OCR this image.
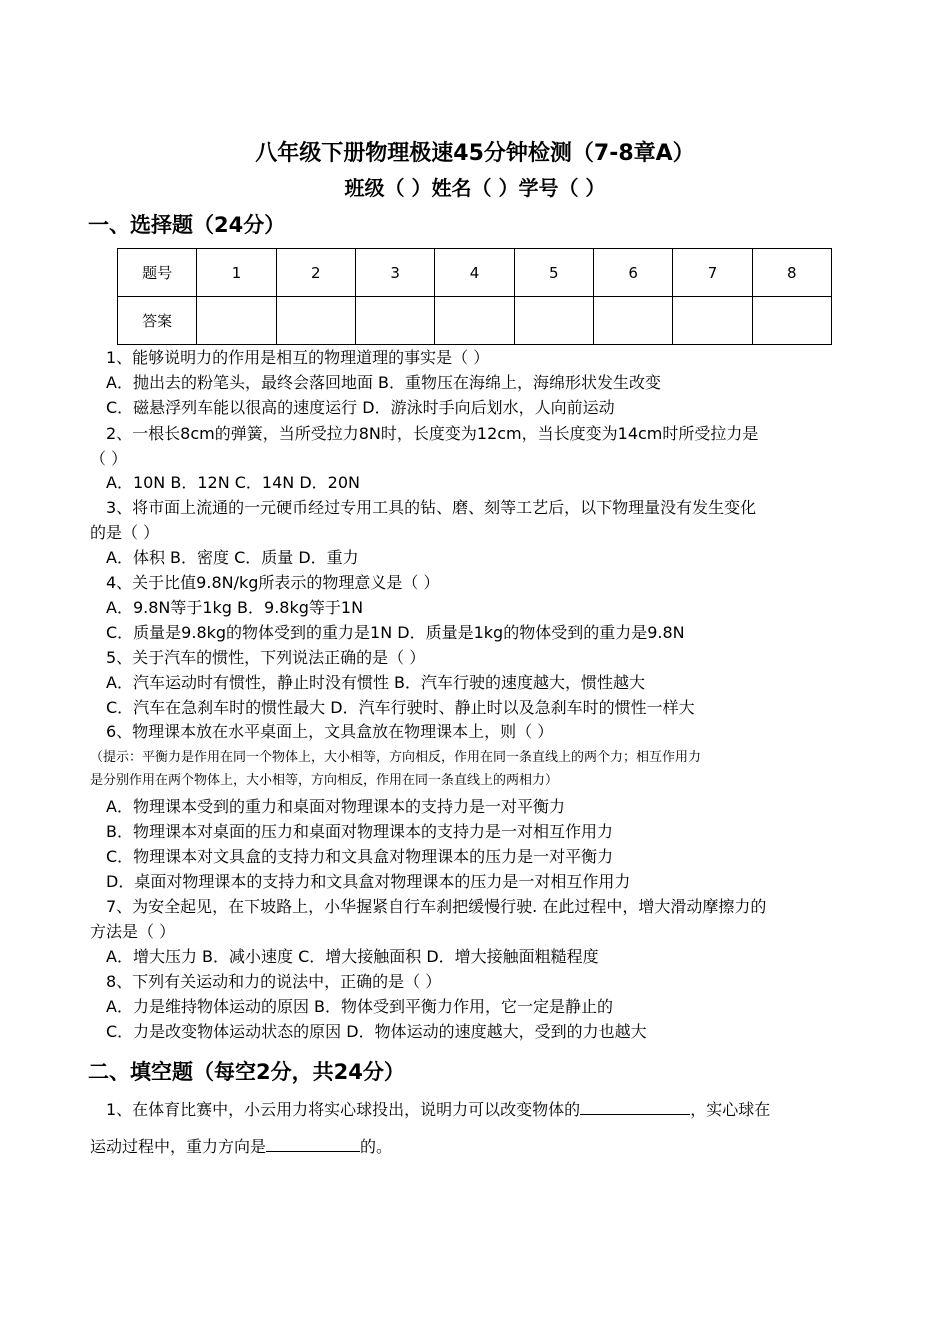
八年级下册物理极速45分钟检测（7-8章A）
班级（ ）姓名（ ）学号（ ）
一、选择题（24分）
题号	1	2	3	4	5	6	7	8
答案								
1、能够说明力的作用是相互的物理道理的事实是（ ）
A．抛出去的粉笔头，最终会落回地面 B．重物压在海绵上，海绵形状发生改变
C．磁悬浮列车能以很高的速度运行 D．游泳时手向后划水，人向前运动
2、一根长8cm的弹簧，当所受拉力8N时，长度变为12cm，当长度变为14cm时所受拉力是
（ ）
A．10N B．12N C．14N D．20N
3、将市面上流通的一元硬币经过专用工具的钻、磨、刻等工艺后，以下物理量没有发生变化
的是（ ）
A．体积 B．密度 C．质量 D．重力
4、关于比值9.8N/kg所表示的物理意义是（ ）
A．9.8N等于1kg B．9.8kg等于1N
C．质量是9.8kg的物体受到的重力是1N D．质量是1kg的物体受到的重力是9.8N
5、关于汽车的惯性，下列说法正确的是（ ）
A．汽车运动时有惯性，静止时没有惯性 B．汽车行驶的速度越大，惯性越大
C．汽车在急刹车时的惯性最大 D．汽车行驶时、静止时以及急刹车时的惯性一样大
6、物理课本放在水平桌面上，文具盒放在物理课本上，则（ ）
（提示：平衡力是作用在同一个物体上，大小相等，方向相反，作用在同一条直线上的两个力；相互作用力
是分别作用在两个物体上，大小相等，方向相反，作用在同一条直线上的两相力）
A．物理课本受到的重力和桌面对物理课本的支持力是一对平衡力
B．物理课本对桌面的压力和桌面对物理课本的支持力是一对相互作用力
C．物理课本对文具盒的支持力和文具盒对物理课本的压力是一对平衡力
D．桌面对物理课本的支持力和文具盒对物理课本的压力是一对相互作用力
7、为安全起见，在下坡路上，小华握紧自行车刹把缓慢行驶. 在此过程中，增大滑动摩擦力的
方法是（ ）
A．增大压力 B．减小速度 C．增大接触面积 D．增大接触面粗糙程度
8、下列有关运动和力的说法中，正确的是（ ）
A．力是维持物体运动的原因 B．物体受到平衡力作用，它一定是静止的
C．力是改变物体运动状态的原因 D．物体运动的速度越大，受到的力也越大
二、填空题（每空2分，共24分）
1、在体育比赛中，小云用力将实心球投出，说明力可以改变物体的	，实心球在
运动过程中，重力方向是	的。
